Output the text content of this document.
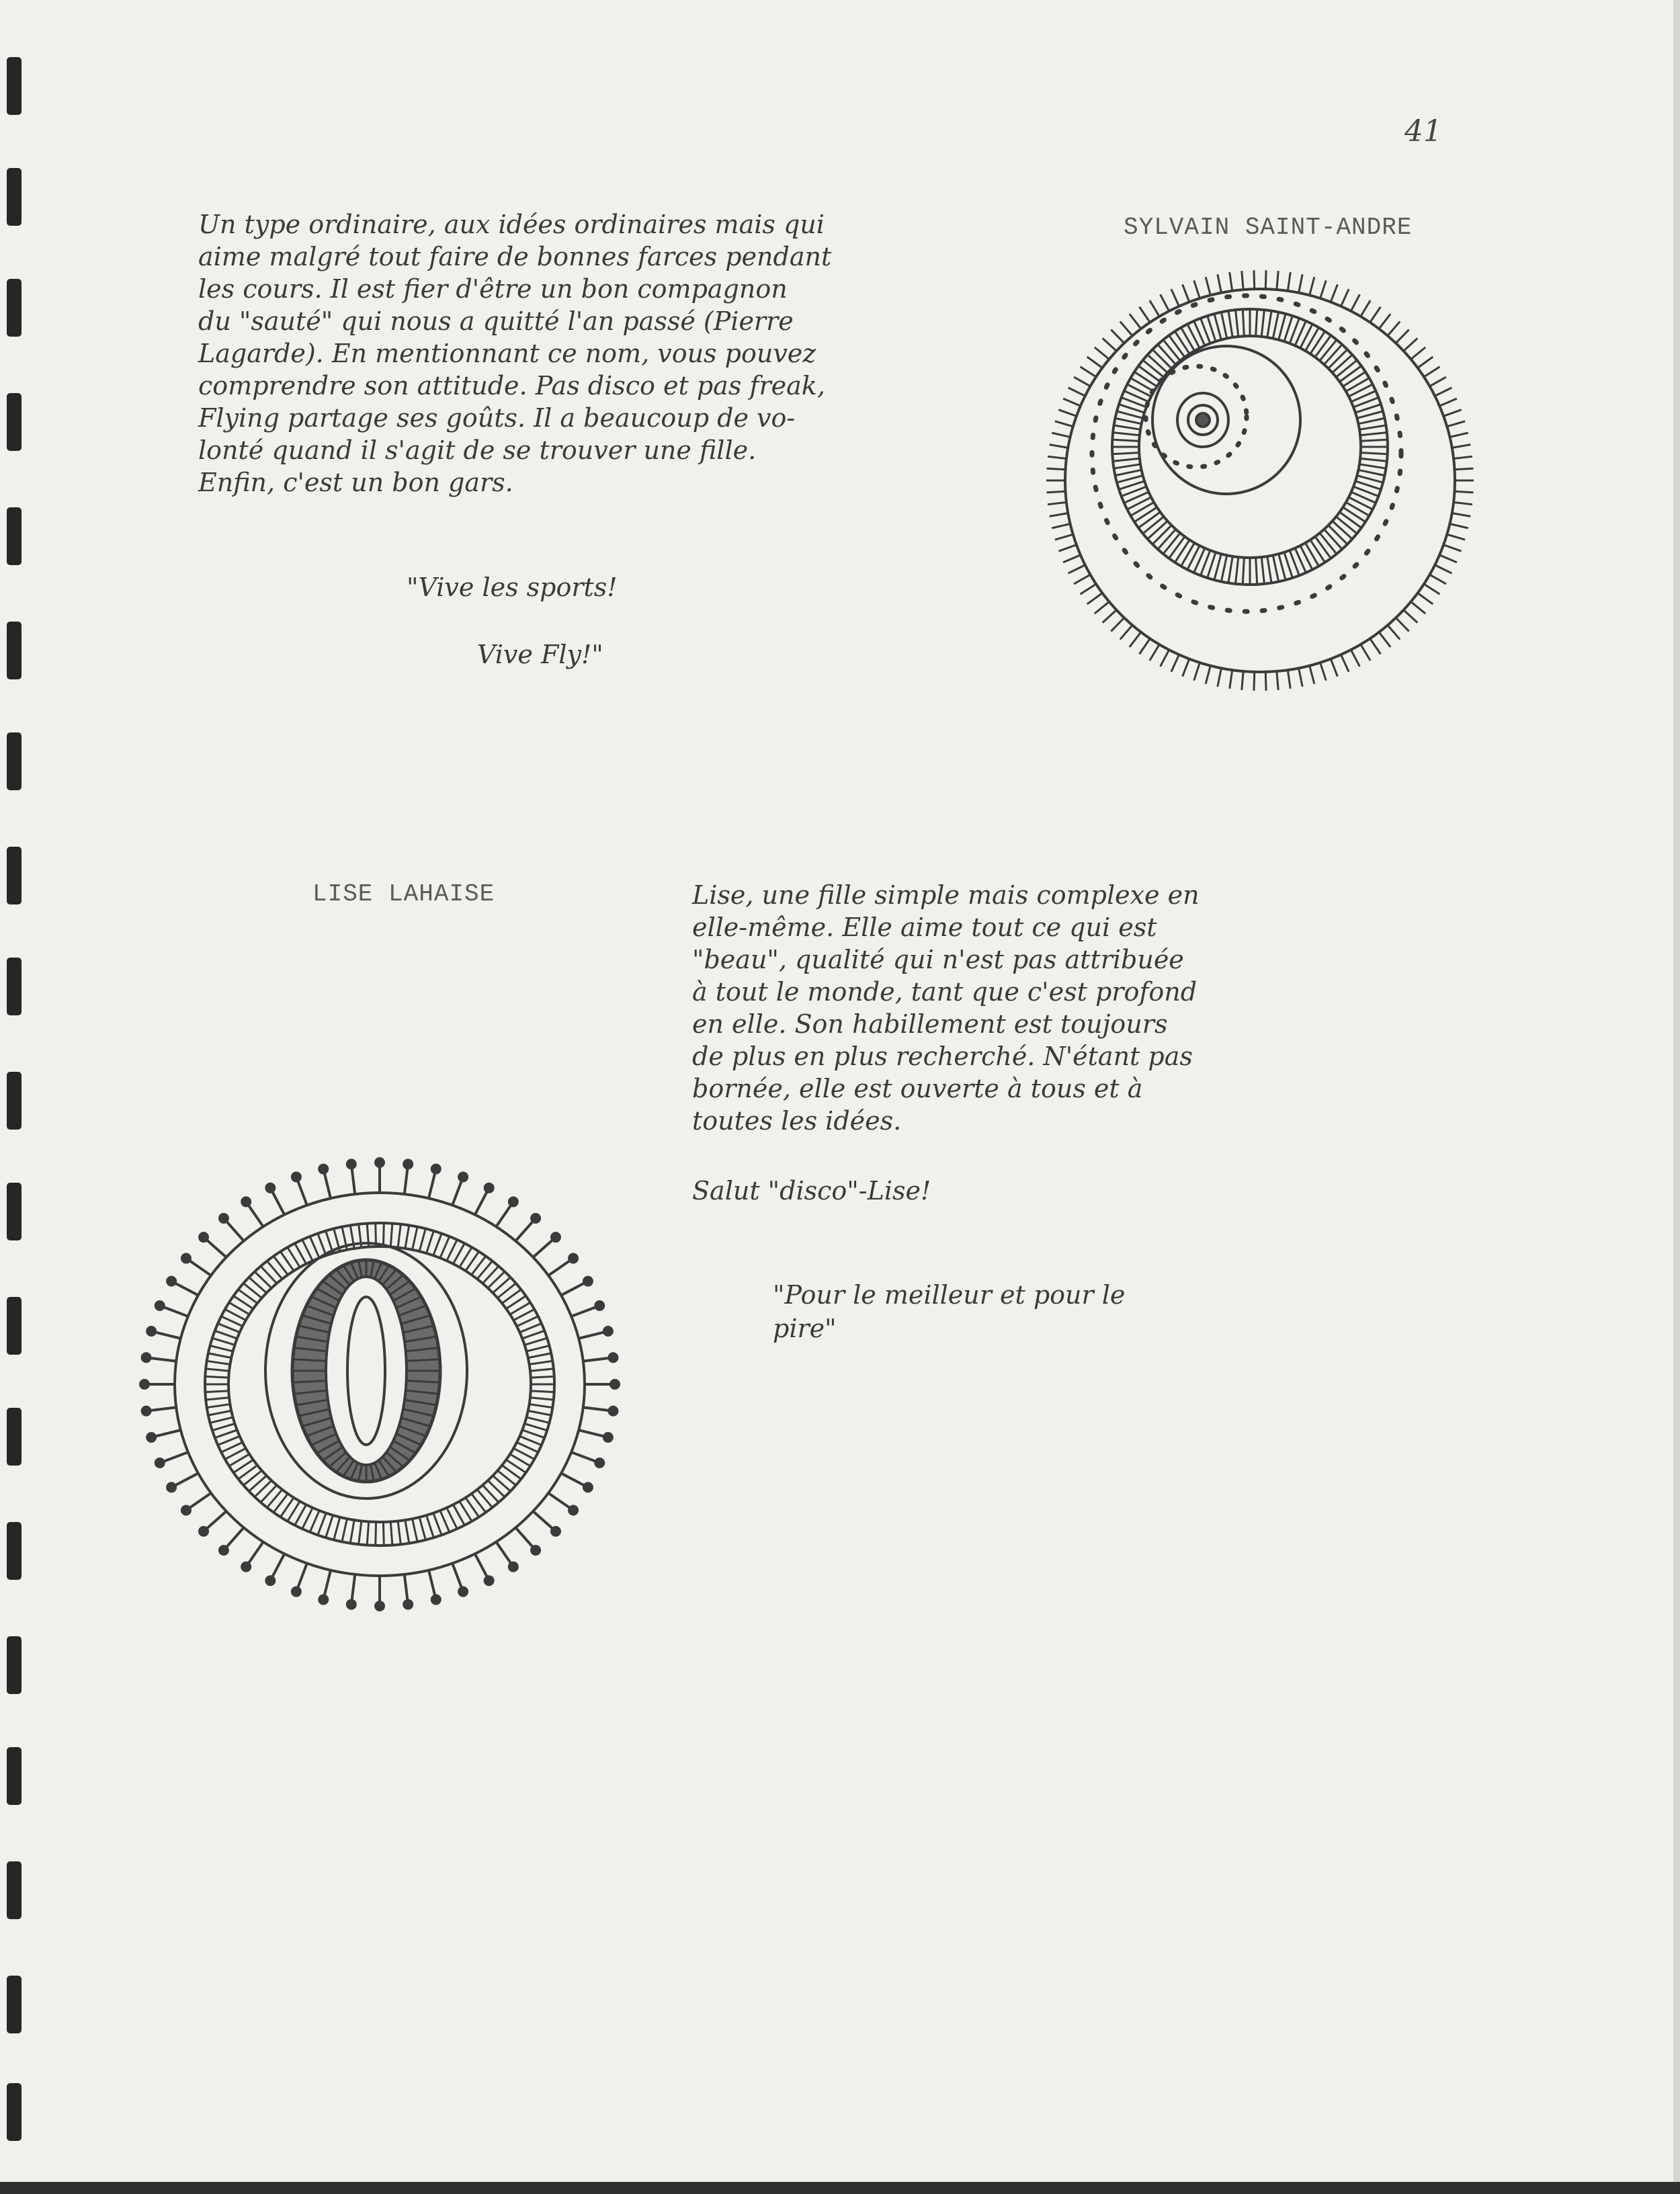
41
SYLVAIN SAINT-ANDRE
Un type ordinaire, aux idées ordinaires mais qui
aime malgré tout faire de bonnes farces pendant
les cours. Il est fier d'être un bon compagnon
du "sauté" qui nous a quitté l'an passé (Pierre
Lagarde). En mentionnant ce nom, vous pouvez
comprendre son attitude. Pas disco et pas freak,
Flying partage ses goûts. Il a beaucoup de vo-
lonté quand il s'agit de se trouver une fille.
Enfin, c'est un bon gars.
"Vive les sports!
Vive Fly!"
LISE LAHAISE	Lise, une fille simple mais complexe en
elle-même. Elle aime tout ce qui est
"beau", qualité qui n'est pas attribuée
à tout le monde, tant que c'est profond
en elle. Son habillement est toujours
de plus en plus recherché. N'étant pas
bornée, elle est ouverte à tous et à
toutes les idées.
Salut "disco"-Lise!
"Pour le meilleur et pour le
pire"
